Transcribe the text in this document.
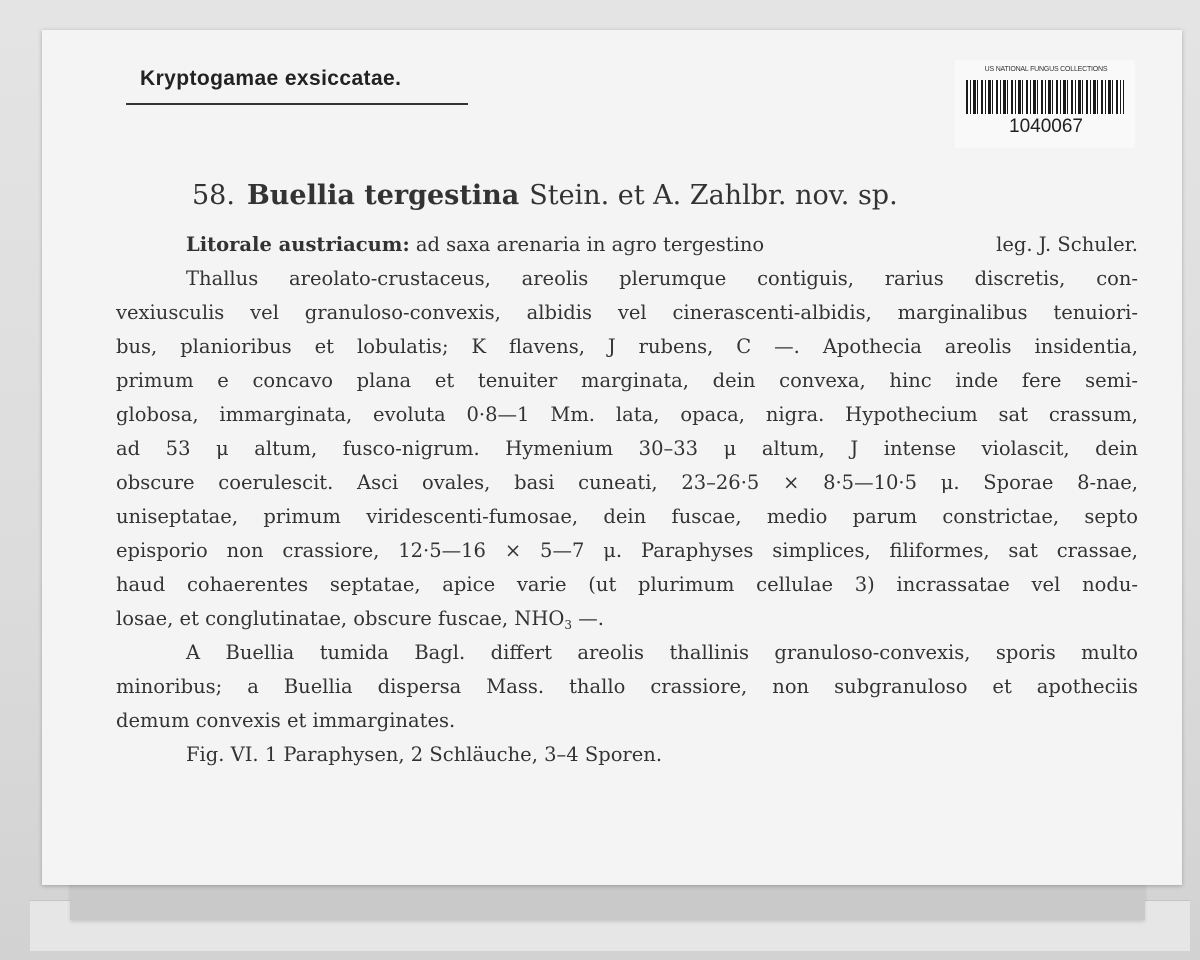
Kryptogamae exsiccatae.	US NATIONAL FUNGUS COLLECTIONS
1040067
58. Buellia tergestina Stein. et A. Zahlbr. nov. sp.
Litorale austriacum: ad saxa arenaria in agro tergestino	leg. J. Schuler.
Thallus areolato-crustaceus, areolis plerumque contiguis, rarius discretis, con-
vexiusculis vel granuloso-convexis, albidis vel cinerascenti-albidis, marginalibus tenuiori-
bus, planioribus et lobulatis; K flavens, J rubens, C —. Apothecia areolis insidentia,
primum e concavo plana et tenuiter marginata, dein convexa, hinc inde fere semi-
globosa, immarginata, evoluta 0·8—1 Mm. lata, opaca, nigra. Hypothecium sat crassum,
ad 53 μ altum, fusco-nigrum. Hymenium 30–33 μ altum, J intense violascit, dein
obscure coerulescit. Asci ovales, basi cuneati, 23–26·5 × 8·5—10·5 μ. Sporae 8-nae,
uniseptatae, primum viridescenti-fumosae, dein fuscae, medio parum constrictae, septo
episporio non crassiore, 12·5—16 × 5—7 μ. Paraphyses simplices, filiformes, sat crassae,
haud cohaerentes septatae, apice varie (ut plurimum cellulae 3) incrassatae vel nodu-
losae, et conglutinatae, obscure fuscae, $NHO_3$ —.
A Buellia tumida Bagl. differt areolis thallinis granuloso-convexis, sporis multo
minoribus; a Buellia dispersa Mass. thallo crassiore, non subgranuloso et apotheciis
demum convexis et immarginates.
Fig. VI. 1 Paraphysen, 2 Schläuche, 3–4 Sporen.
